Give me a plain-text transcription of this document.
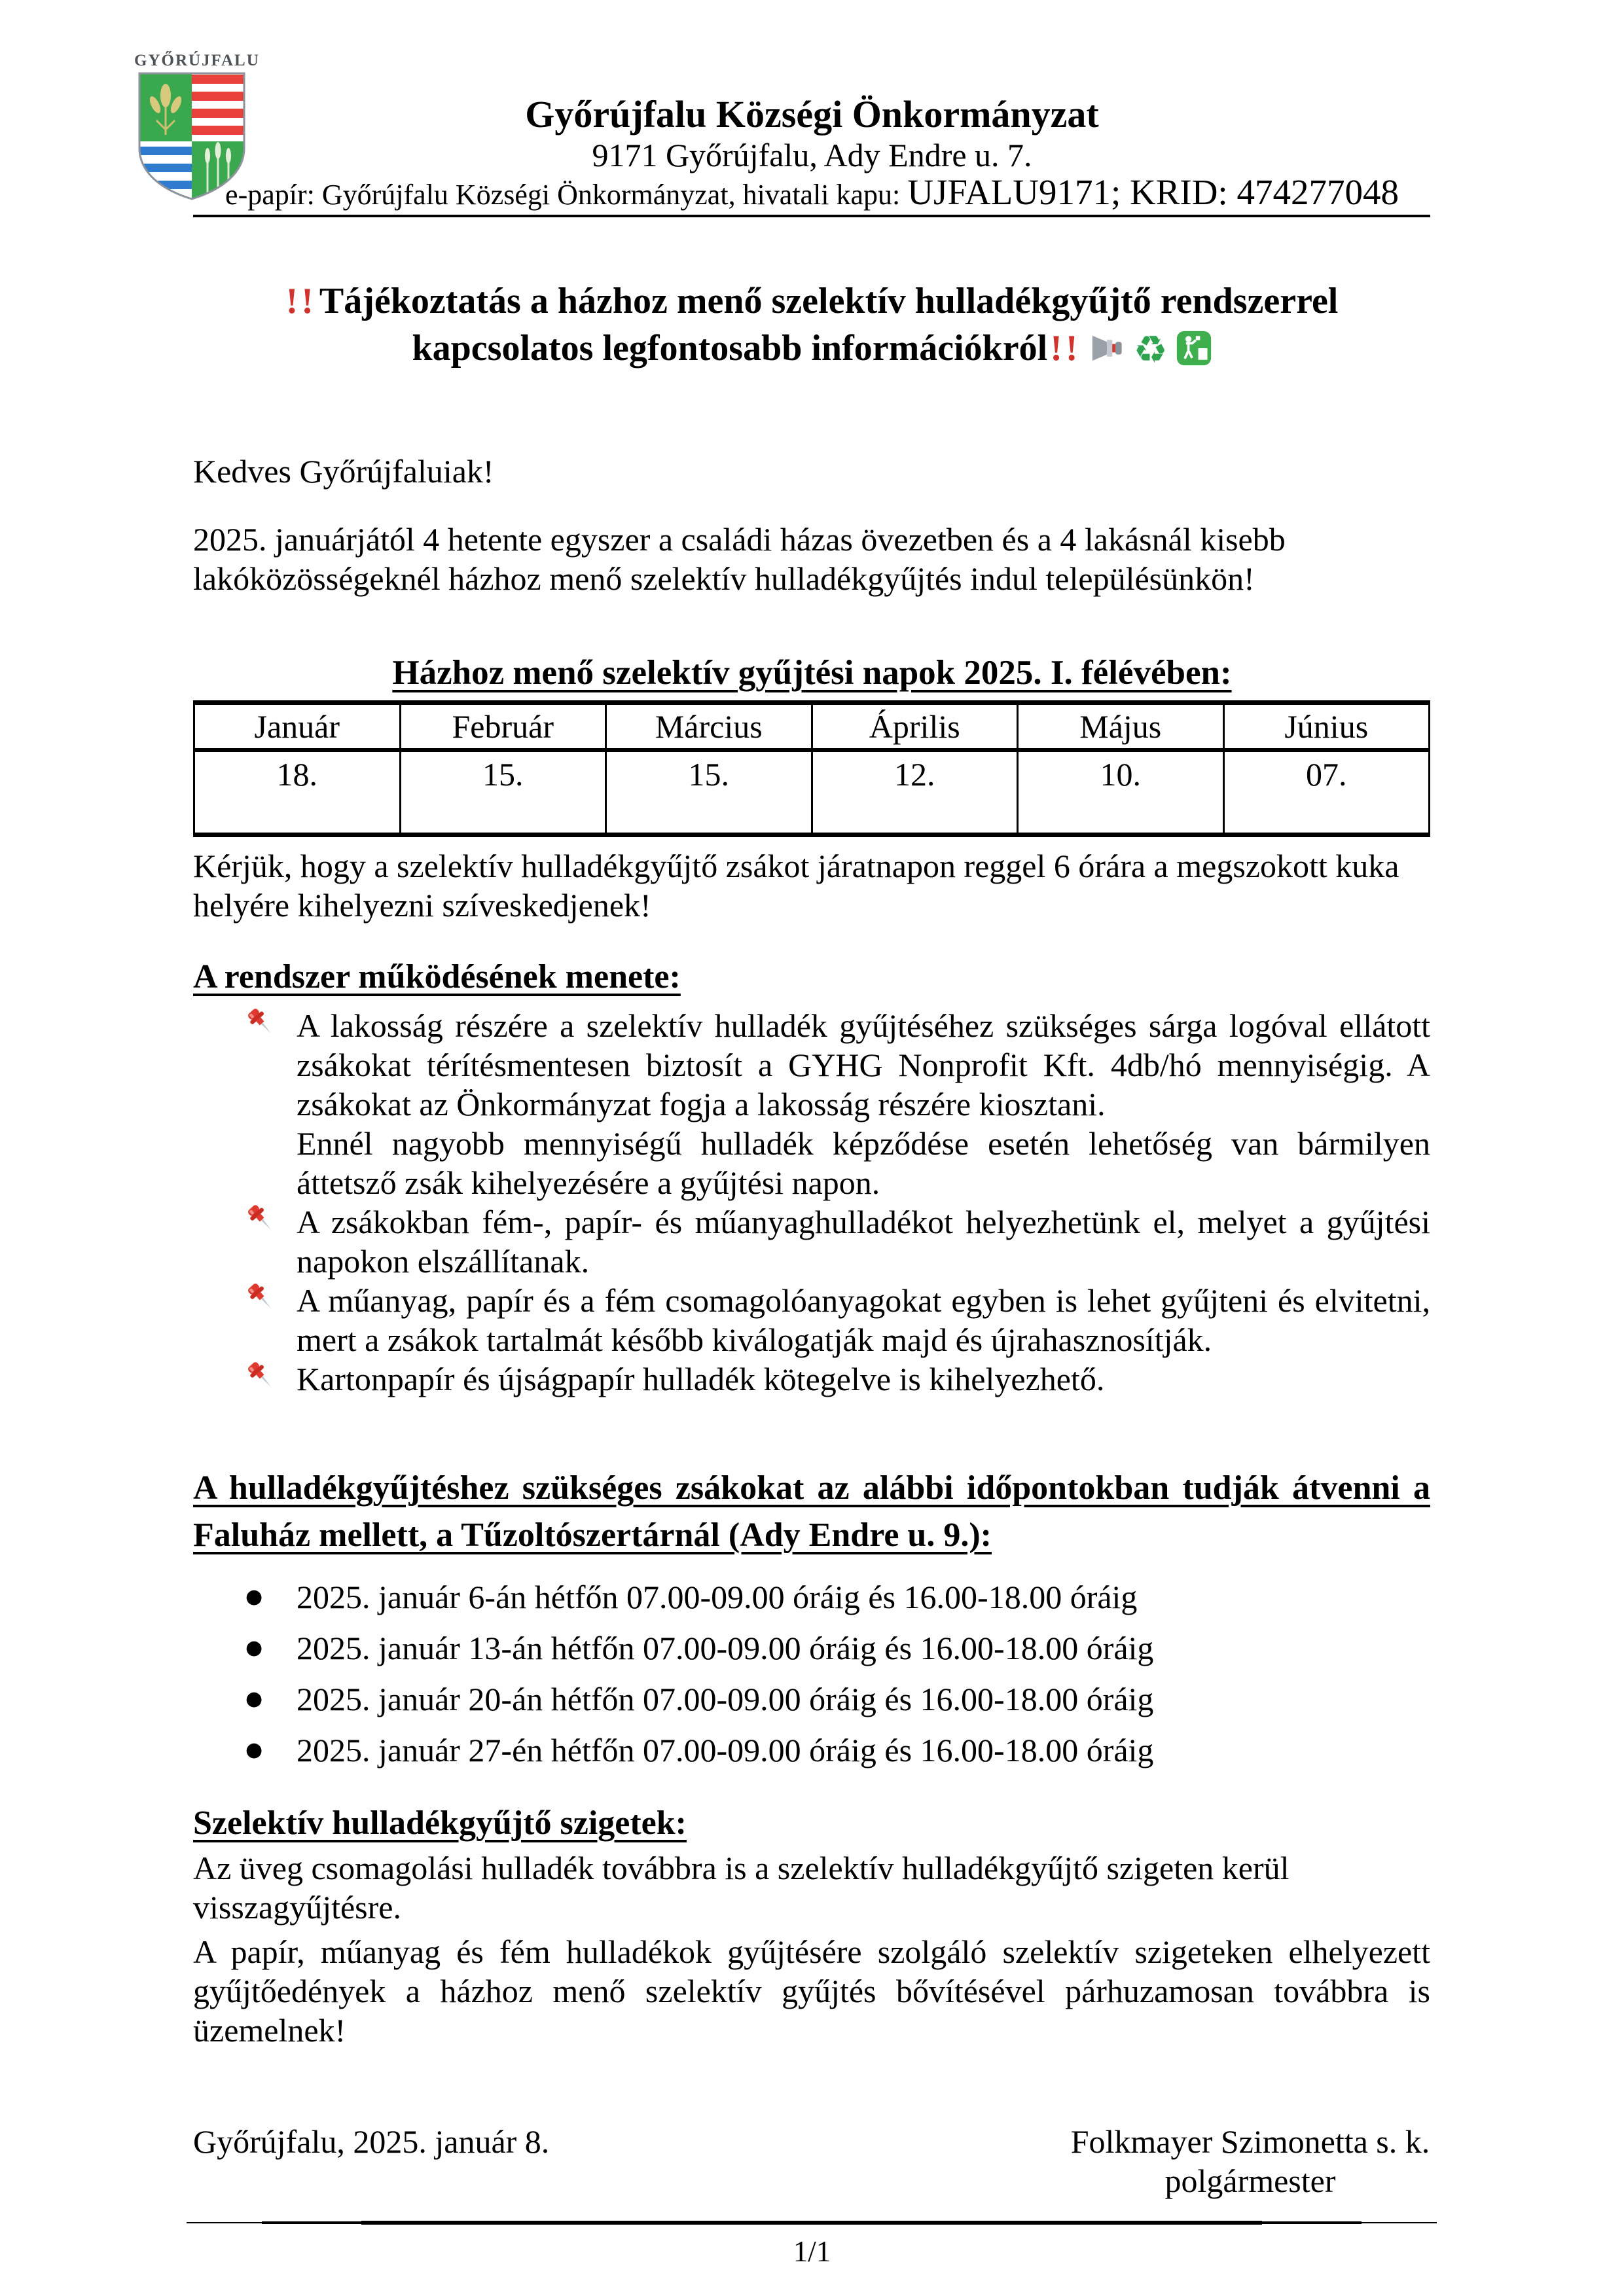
GYŐRÚJFALU
Győrújfalu Községi Önkormányzat
9171 Győrújfalu, Ady Endre u. 7.
e-papír: Győrújfalu Községi Önkormányzat, hivatali kapu: UJFALU9171; KRID: 474277048
!!Tájékoztatás a házhoz menő szelektív hulladékgyűjtő rendszerrel
kapcsolatos legfontosabb információkról!! ♻

Kedves Győrújfaluiak!

2025. januárjától 4 hetente egyszer a családi házas övezetben és a 4 lakásnál kisebb lakóközösségeknél házhoz menő szelektív hulladékgyűjtés indul településünkön!

Házhoz menő szelektív gyűjtési napok 2025. I. félévében:
Január	Február	Március	Április	Május	Június
18.	15.	15.	12.	10.	07.

Kérjük, hogy a szelektív hulladékgyűjtő zsákot járatnapon reggel 6 órára a megszokott kuka helyére kihelyezni szíveskedjenek!

A rendszer működésének menete:
A lakosság részére a szelektív hulladék gyűjtéséhez szükséges sárga logóval ellátott zsákokat térítésmentesen biztosít a GYHG Nonprofit Kft. 4db/hó mennyiségig. A zsákokat az Önkormányzat fogja a lakosság részére kiosztani.
Ennél nagyobb mennyiségű hulladék képződése esetén lehetőség van bármilyen áttetsző zsák kihelyezésére a gyűjtési napon.
A zsákokban fém-, papír- és műanyaghulladékot helyezhetünk el, melyet a gyűjtési napokon elszállítanak.
A műanyag, papír és a fém csomagolóanyagokat egyben is lehet gyűjteni és elvitetni, mert a zsákok tartalmát később kiválogatják majd és újrahasznosítják.
Kartonpapír és újságpapír hulladék kötegelve is kihelyezhető.
A hulladékgyűjtéshez szükséges zsákokat az alábbi időpontokban tudják átvenni a Faluház mellett, a Tűzoltószertárnál (Ady Endre u. 9.):
●	2025. január 6-án hétfőn 07.00-09.00 óráig és 16.00-18.00 óráig
●	2025. január 13-án hétfőn 07.00-09.00 óráig és 16.00-18.00 óráig
●	2025. január 20-án hétfőn 07.00-09.00 óráig és 16.00-18.00 óráig
●	2025. január 27-én hétfőn 07.00-09.00 óráig és 16.00-18.00 óráig
Szelektív hulladékgyűjtő szigetek:

Az üveg csomagolási hulladék továbbra is a szelektív hulladékgyűjtő szigeten kerül visszagyűjtésre.

A papír, műanyag és fém hulladékok gyűjtésére szolgáló szelektív szigeteken elhelyezett gyűjtőedények a házhoz menő szelektív gyűjtés bővítésével párhuzamosan továbbra is üzemelnek!

Győrújfalu, 2025. január 8.	Folkmayer Szimonetta s. k.
polgármester
1/1
